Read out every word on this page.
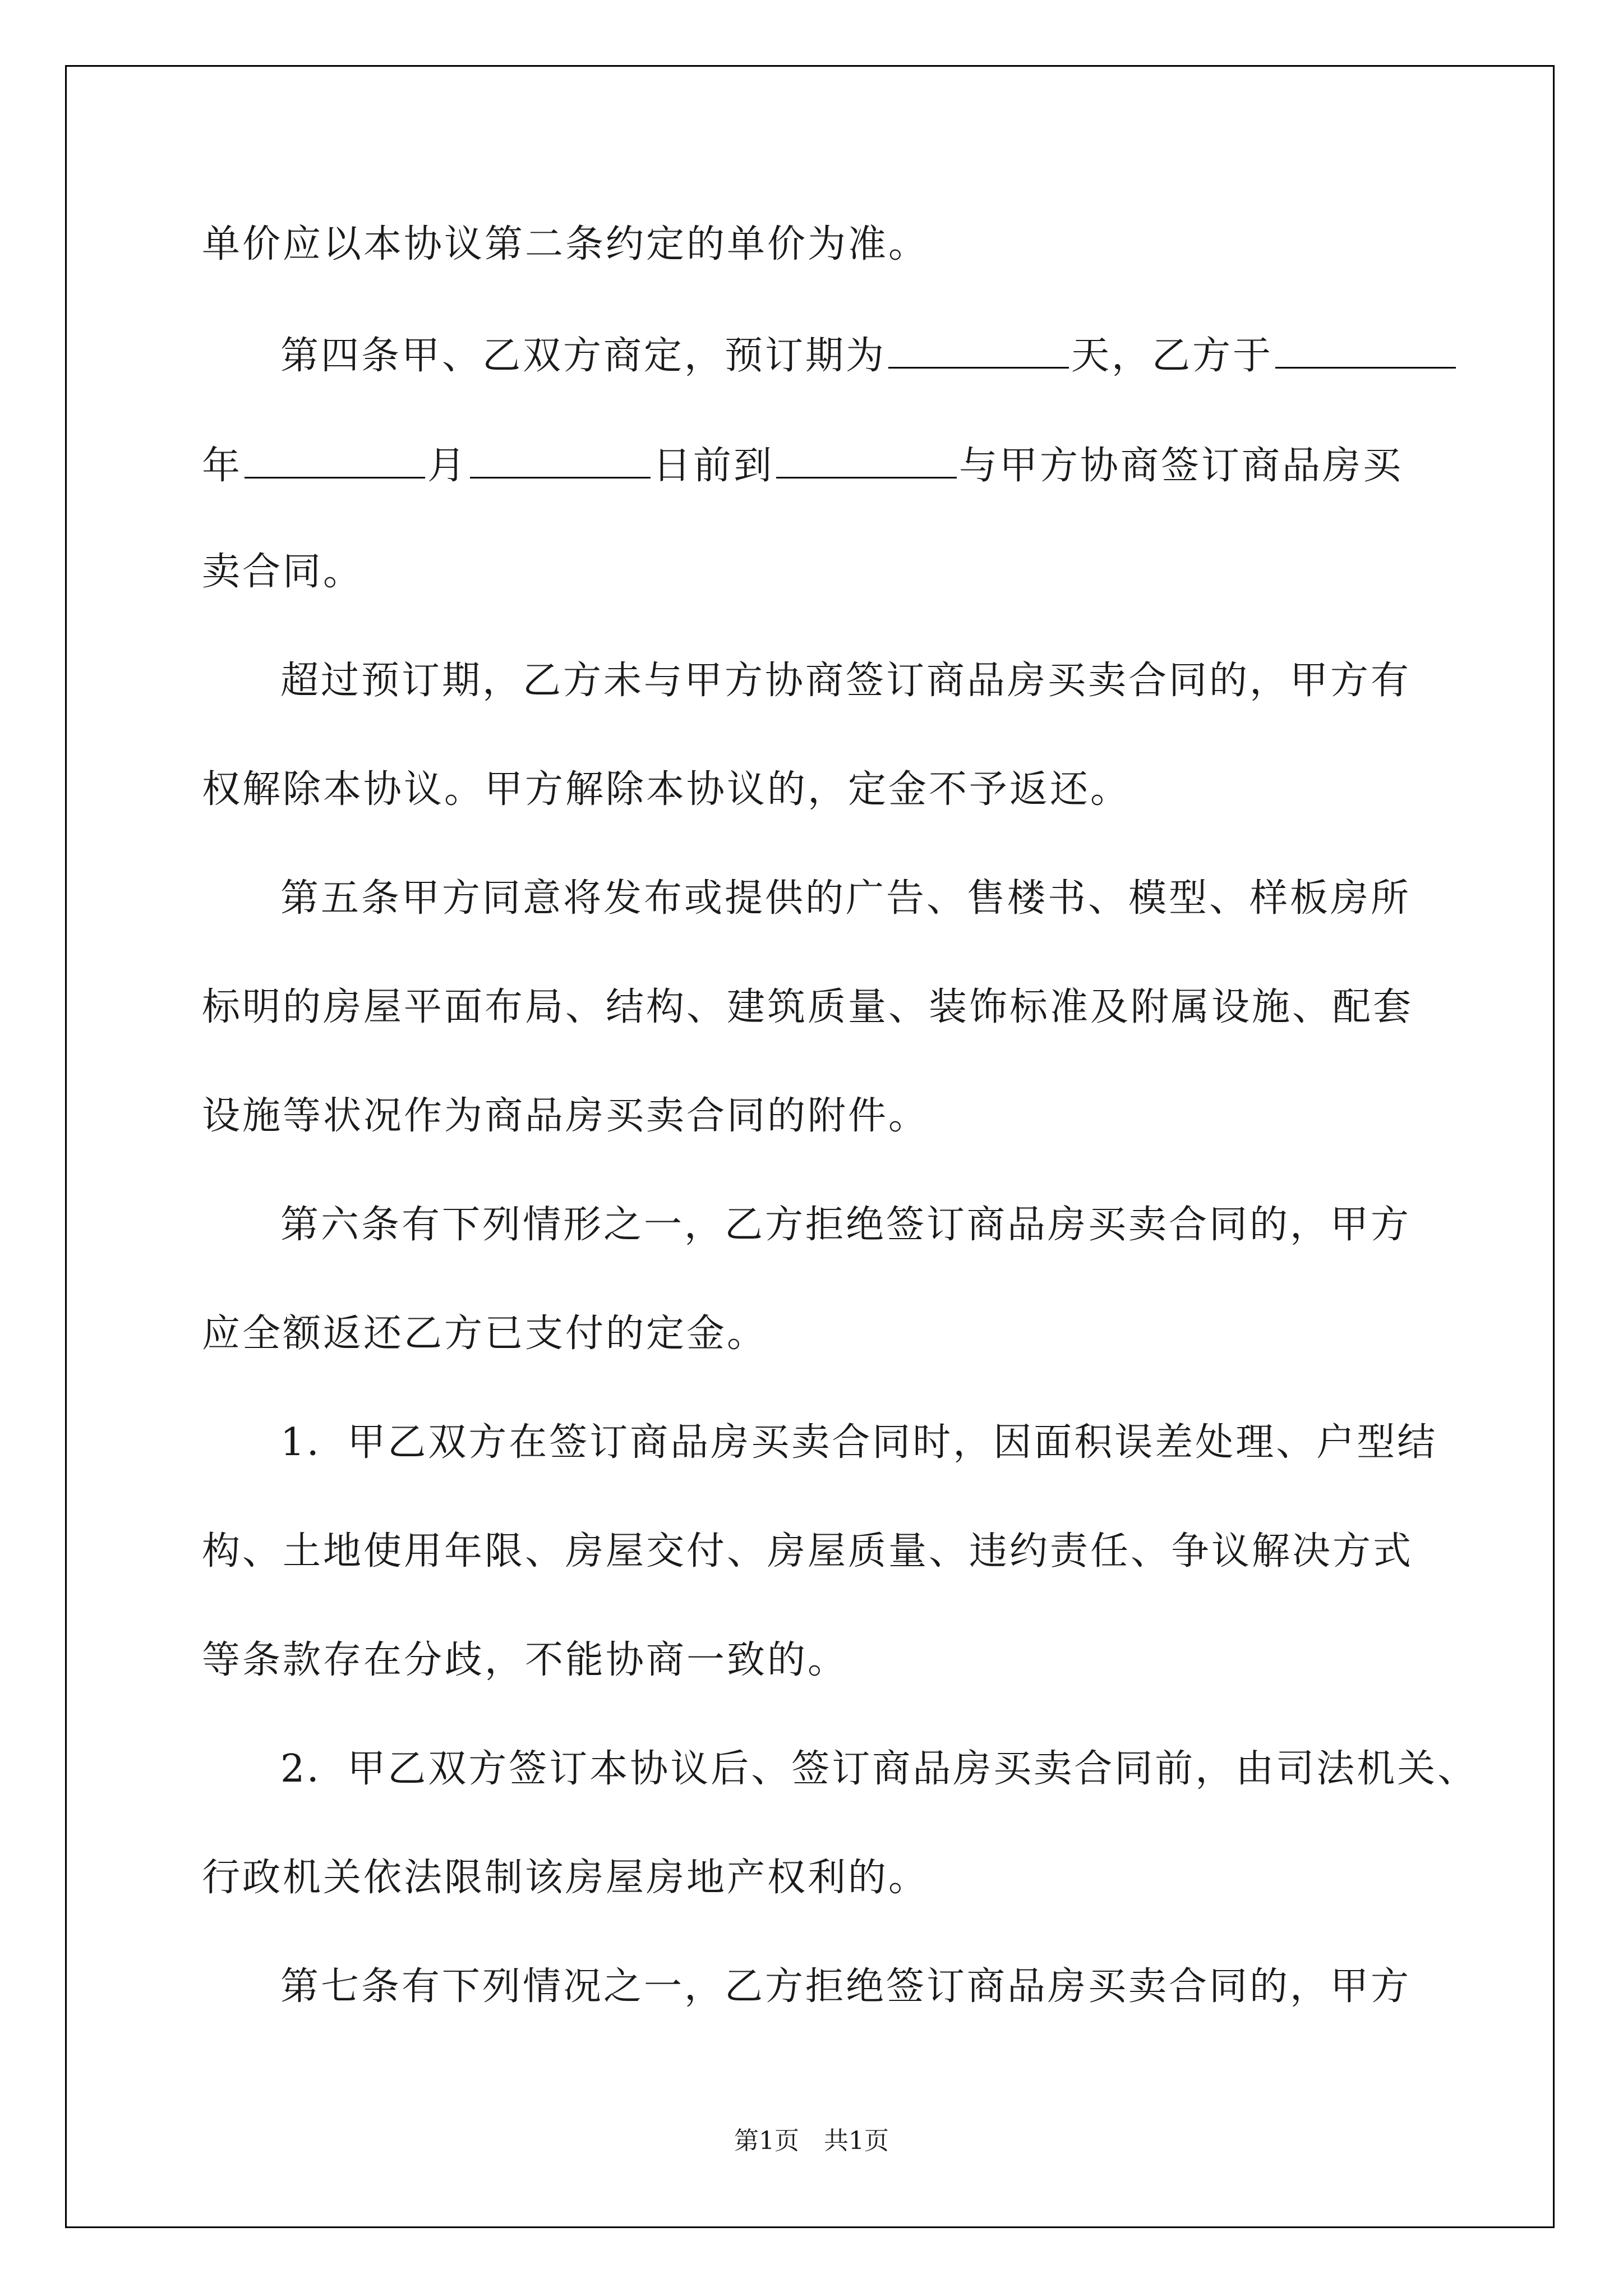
单价应以本协议第二条约定的单价为准。
第四条甲、乙双方商定，预订期为	天，乙方于
年	月	日前到	与甲方协商签订商品房买
卖合同。
超过预订期，乙方未与甲方协商签订商品房买卖合同的，甲方有
权解除本协议。甲方解除本协议的，定金不予返还。
第五条甲方同意将发布或提供的广告、售楼书、模型、样板房所
标明的房屋平面布局、结构、建筑质量、装饰标准及附属设施、配套
设施等状况作为商品房买卖合同的附件。
第六条有下列情形之一，乙方拒绝签订商品房买卖合同的，甲方
应全额返还乙方已支付的定金。
1．甲乙双方在签订商品房买卖合同时，因面积误差处理、户型结
构、土地使用年限、房屋交付、房屋质量、违约责任、争议解决方式
等条款存在分歧，不能协商一致的。
2．甲乙双方签订本协议后、签订商品房买卖合同前，由司法机关、
行政机关依法限制该房屋房地产权利的。
第七条有下列情况之一，乙方拒绝签订商品房买卖合同的，甲方
第1页　共1页
